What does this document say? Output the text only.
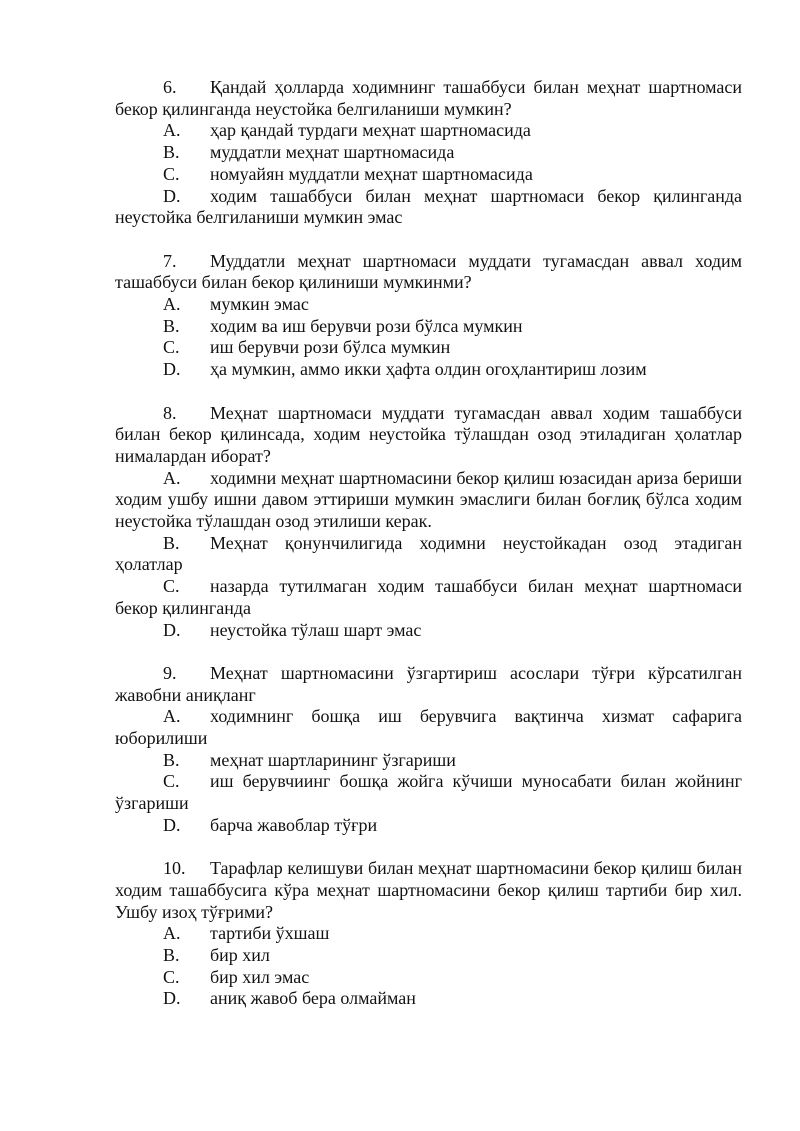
6. Қандай ҳолларда ходимнинг ташаббуси билан меҳнат шартномаси бекор қилинганда неустойка белгиланиши мумкин?

A. ҳар қандай турдаги меҳнат шартномасида

B. муддатли меҳнат шартномасида

C. номуайян муддатли меҳнат шартномасида

D. ходим ташаббуси билан меҳнат шартномаси бекор қилинганда неустойка белгиланиши мумкин эмас

7. Муддатли меҳнат шартномаси муддати тугамасдан аввал ходим ташаббуси билан бекор қилиниши мумкинми?

A. мумкин эмас

B. ходим ва иш берувчи рози бўлса мумкин

C. иш берувчи рози бўлса мумкин

D. ҳа мумкин, аммо икки ҳафта олдин огоҳлантириш лозим

8. Меҳнат шартномаси муддати тугамасдан аввал ходим ташаббуси билан бекор қилинсада, ходим неустойка тўлашдан озод этиладиган ҳолатлар нималардан иборат?

A. ходимни меҳнат шартномасини бекор қилиш юзасидан ариза бериши ходим ушбу ишни давом эттириши мумкин эмаслиги билан боғлиқ бўлса ходим неустойка тўлашдан озод этилиши керак.

B. Меҳнат қонунчилигида ходимни неустойкадан озод этадиган ҳолатлар

C. назарда тутилмаган ходим ташаббуси билан меҳнат шартномаси бекор қилинганда

D. неустойка тўлаш шарт эмас

9. Меҳнат шартномасини ўзгартириш асослари тўғри кўрсатилган жавобни аниқланг

A. ходимнинг бошқа иш берувчига вақтинча хизмат сафарига юборилиши

B. меҳнат шартларининг ўзгариши

C. иш берувчиинг бошқа жойга кўчиши муносабати билан жойнинг ўзгариши

D. барча жавоблар тўғри

10. Тарафлар келишуви билан меҳнат шартномасини бекор қилиш билан ходим ташаббусига кўра меҳнат шартномасини бекор қилиш тартиби бир хил. Ушбу изоҳ тўғрими?

A. тартиби ўхшаш

B. бир хил

C. бир хил эмас

D. аниқ жавоб бера олмайман
